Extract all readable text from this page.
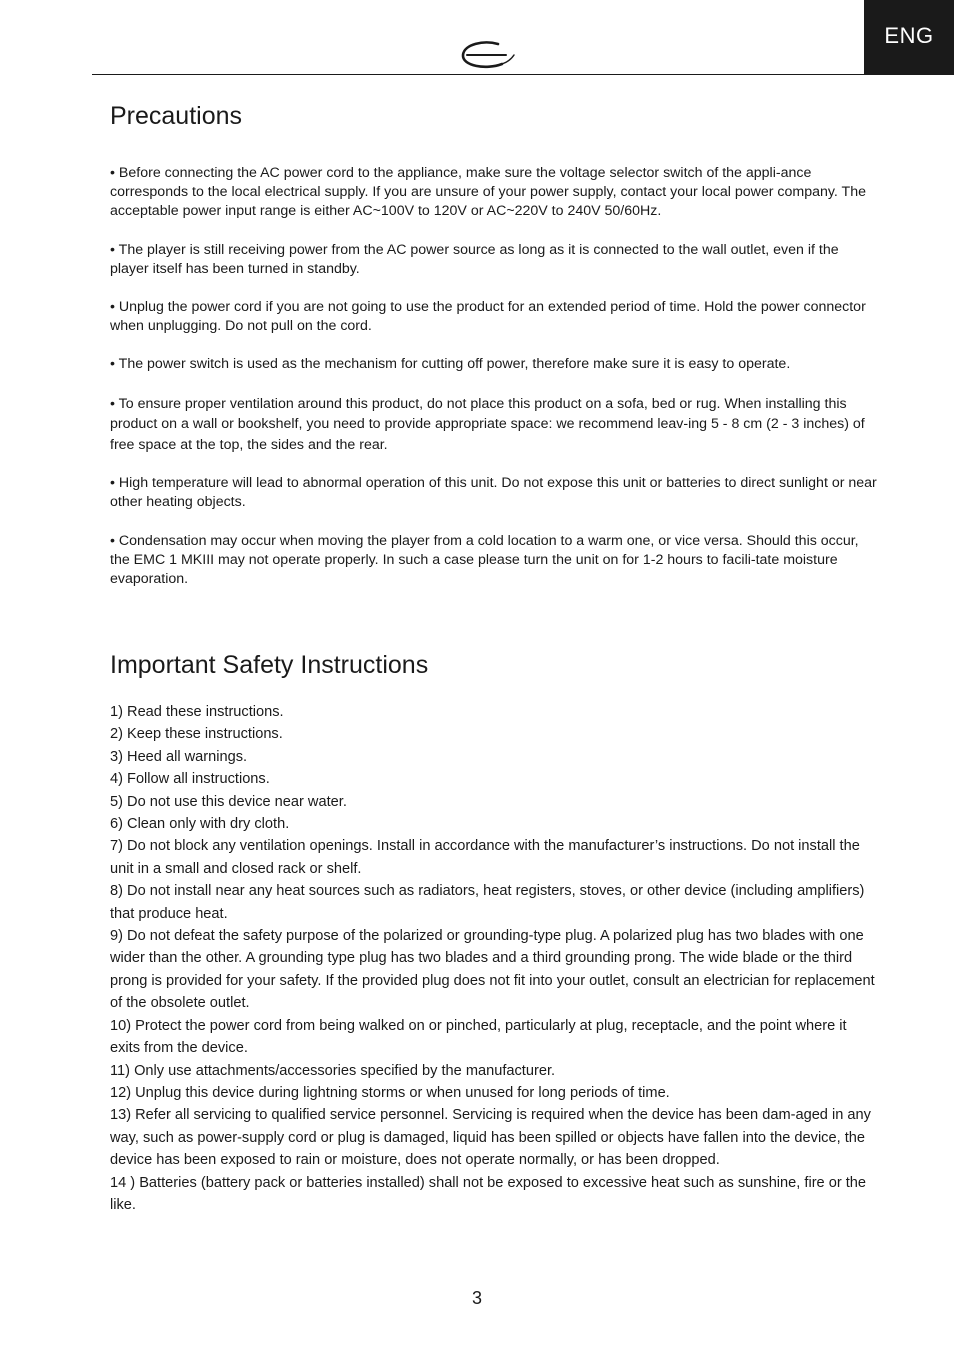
ENG
Precautions

• Before connecting the AC power cord to the appliance, make sure the voltage selector switch of the appli-ance corresponds to the local electrical supply. If you are unsure of your power supply, contact your local power company. The acceptable power input range is either AC~100V to 120V or AC~220V to 240V 50/60Hz.

• The player is still receiving power from the AC power source as long as it is connected to the wall outlet, even if the player itself has been turned in standby.

• Unplug the power cord if you are not going to use the product for an extended period of time. Hold the power connector when unplugging. Do not pull on the cord.

• The power switch is used as the mechanism for cutting off power, therefore make sure it is easy to operate.

• To ensure proper ventilation around this product, do not place this product on a sofa, bed or rug. When installing this product on a wall or bookshelf, you need to provide appropriate space: we recommend leav-ing 5 - 8 cm (2 - 3 inches) of free space at the top, the sides and the rear.

• High temperature will lead to abnormal operation of this unit. Do not expose this unit or batteries to direct sunlight or near other heating objects.

• Condensation may occur when moving the player from a cold location to a warm one, or vice versa. Should this occur, the EMC 1 MKIII may not operate properly. In such a case please turn the unit on for 1-2 hours to facili-tate moisture evaporation.

Important Safety Instructions
1) Read these instructions.
2) Keep these instructions.
3) Heed all warnings.
4) Follow all instructions.
5) Do not use this device near water.
6) Clean only with dry cloth.
7) Do not block any ventilation openings. Install in accordance with the manufacturer’s instructions. Do not install the unit in a small and closed rack or shelf.
8) Do not install near any heat sources such as radiators, heat registers, stoves, or other device (including amplifiers) that produce heat.
9) Do not defeat the safety purpose of the polarized or grounding-type plug. A polarized plug has two blades with one wider than the other. A grounding type plug has two blades and a third grounding prong. The wide blade or the third prong is provided for your safety. If the provided plug does not fit into your outlet, consult an electrician for replacement of the obsolete outlet.
10) Protect the power cord from being walked on or pinched, particularly at plug, receptacle, and the point where it exits from the device.
11) Only use attachments/accessories specified by the manufacturer.
12) Unplug this device during lightning storms or when unused for long periods of time.
13) Refer all servicing to qualified service personnel. Servicing is required when the device has been dam-aged in any way, such as power-supply cord or plug is damaged, liquid has been spilled or objects have fallen into the device, the device has been exposed to rain or moisture, does not operate normally, or has been dropped.
14 ) Batteries (battery pack or batteries installed) shall not be exposed to excessive heat such as sunshine, fire or the like.
3
